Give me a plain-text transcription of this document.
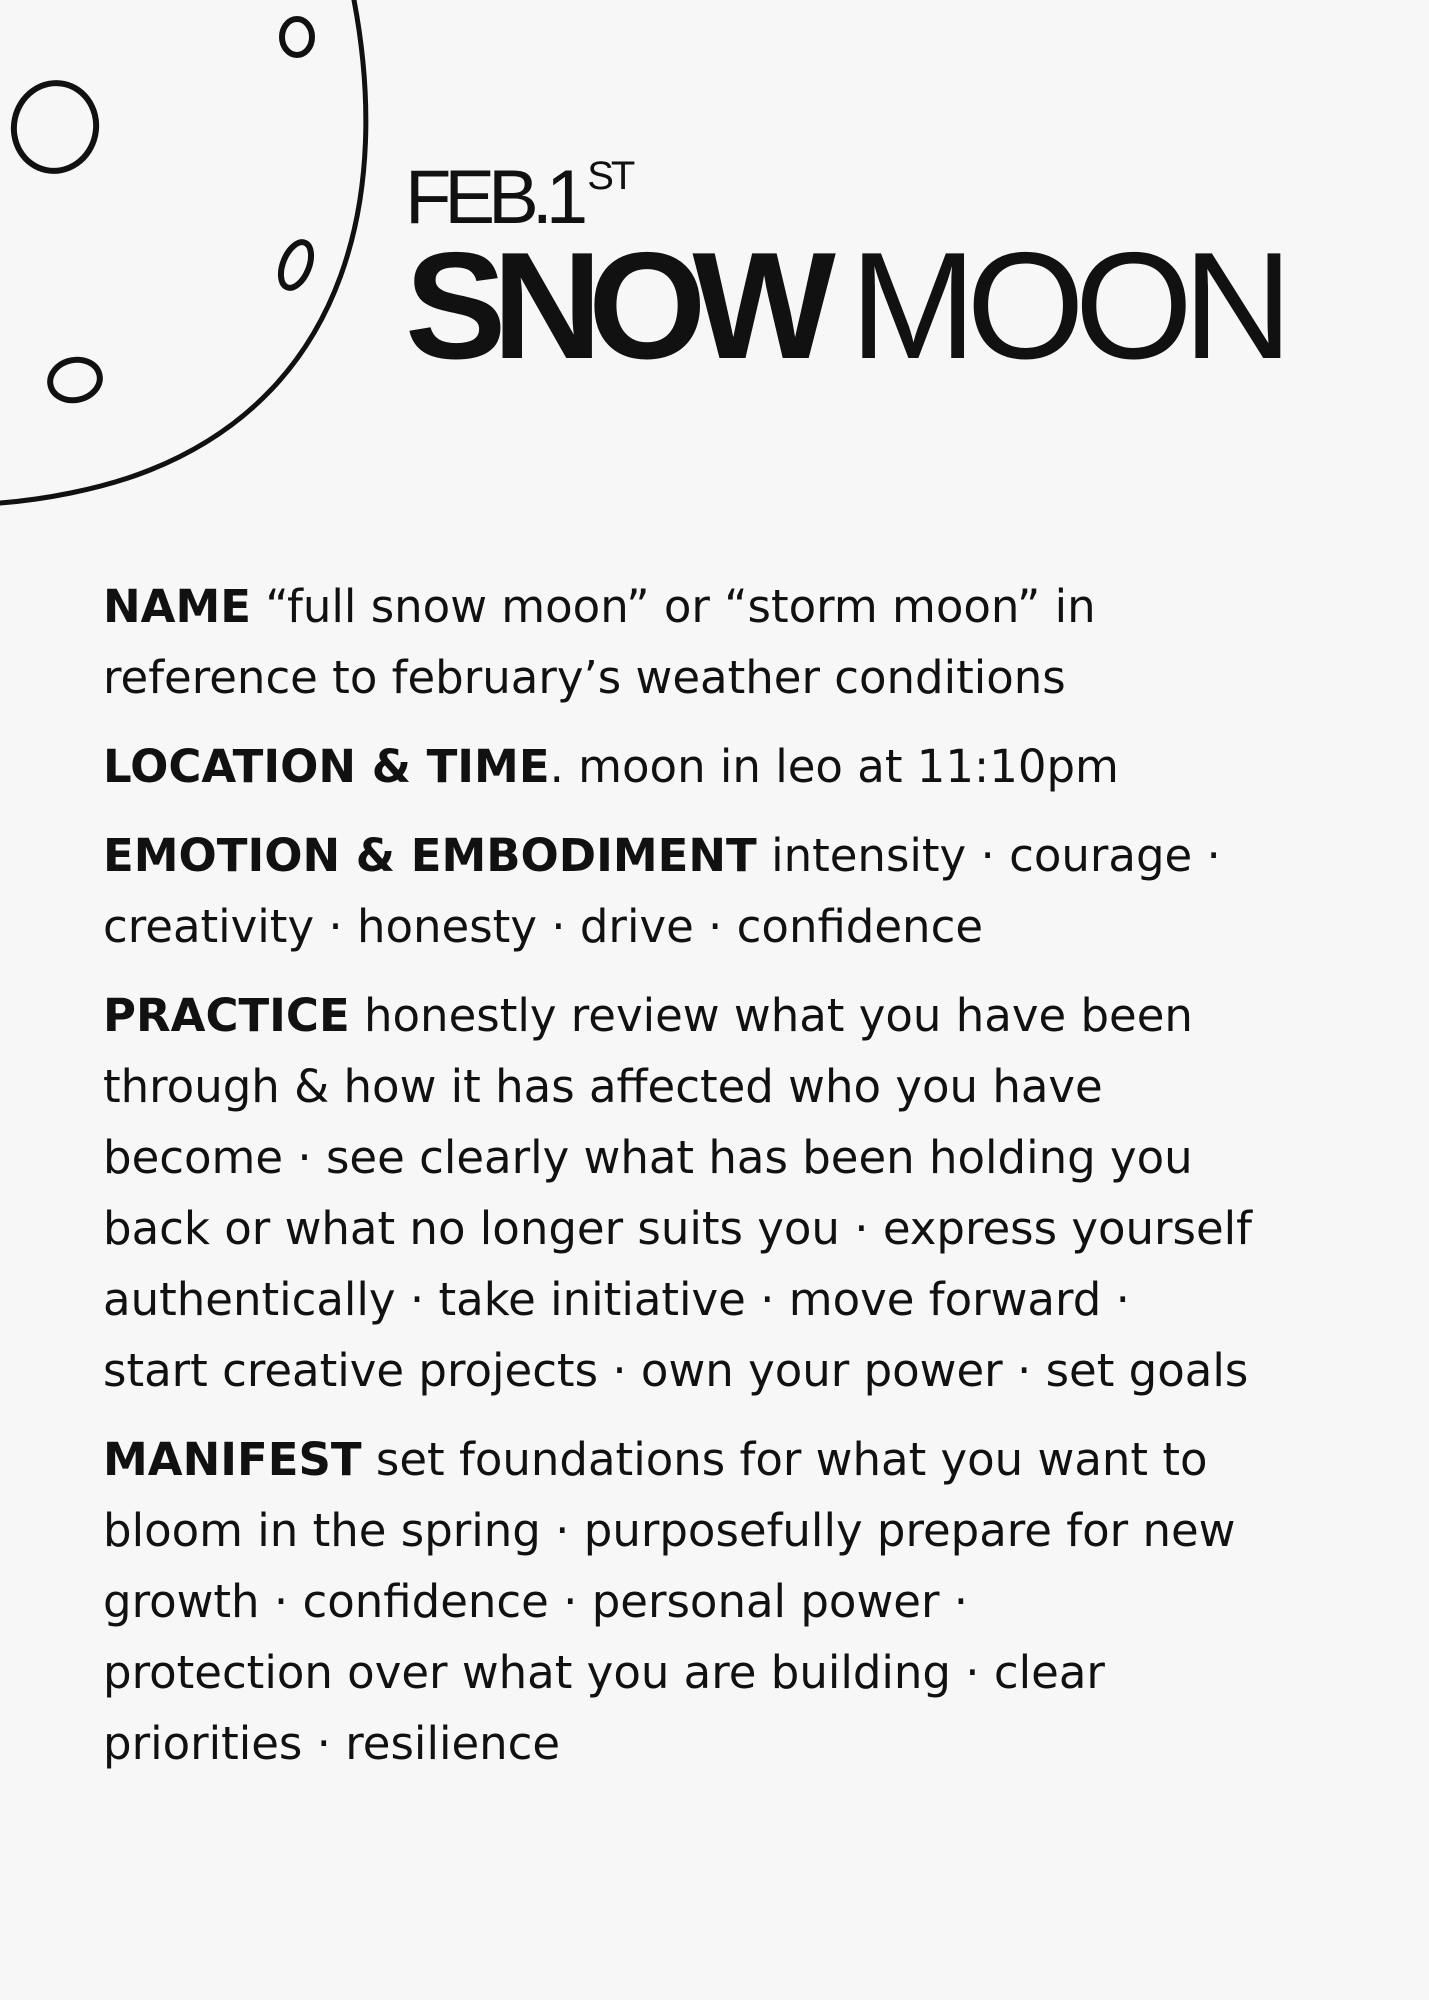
FEB.1 ST
SNOW MOON
NAME “full snow moon” or “storm moon” in
reference to february’s weather conditions
LOCATION & TIME. moon in leo at 11:10pm
EMOTION & EMBODIMENT intensity · courage ·
creativity · honesty · drive · confidence
PRACTICE honestly review what you have been
through & how it has affected who you have
become · see clearly what has been holding you
back or what no longer suits you · express yourself
authentically · take initiative · move forward ·
start creative projects · own your power · set goals
MANIFEST set foundations for what you want to
bloom in the spring · purposefully prepare for new
growth · confidence · personal power ·
protection over what you are building · clear
priorities · resilience
